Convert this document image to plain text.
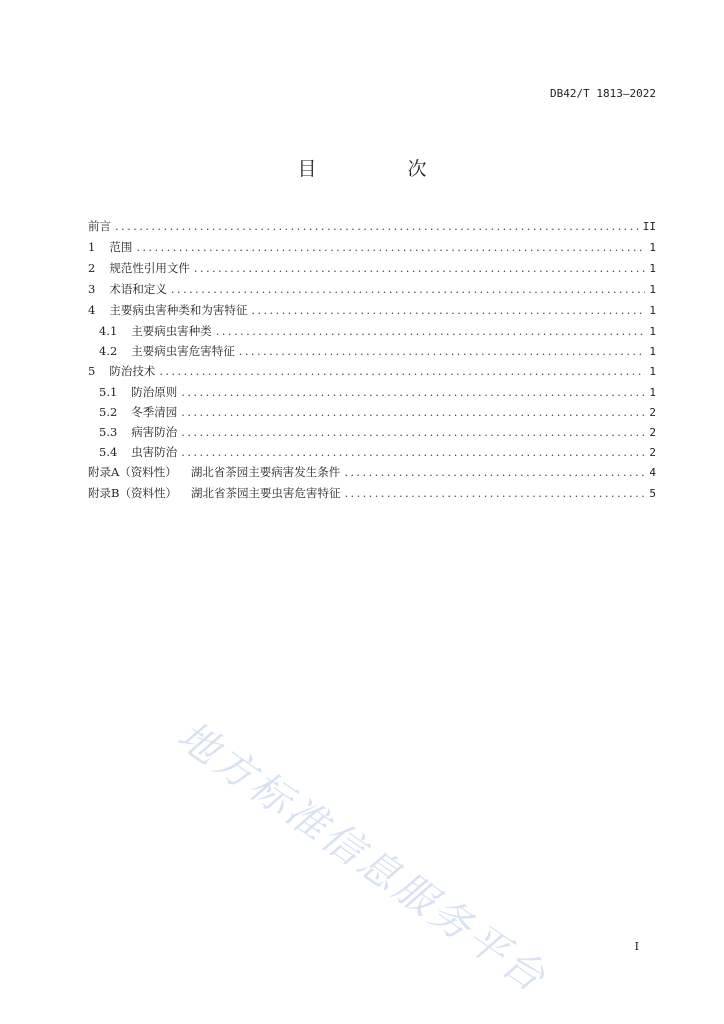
DB42/T 1813—2022
目　次
前言 .....	II
1 范围 .....	1
2 规范性引用文件 .....	1
3 术语和定义 .....	1
4 主要病虫害种类和为害特征 .....	1
4.1 主要病虫害种类 .....	1
4.2 主要病虫害危害特征 .....	1
5 防治技术 .....	1
5.1 防治原则 .....	1
5.2 冬季清园 .....	2
5.3 病害防治 .....	2
5.4 虫害防治 .....	2
附录A（资料性） 湖北省茶园主要病害发生条件 .....	4
附录B（资料性） 湖北省茶园主要虫害危害特征 .....	5
地方标准信息服务平台	I
